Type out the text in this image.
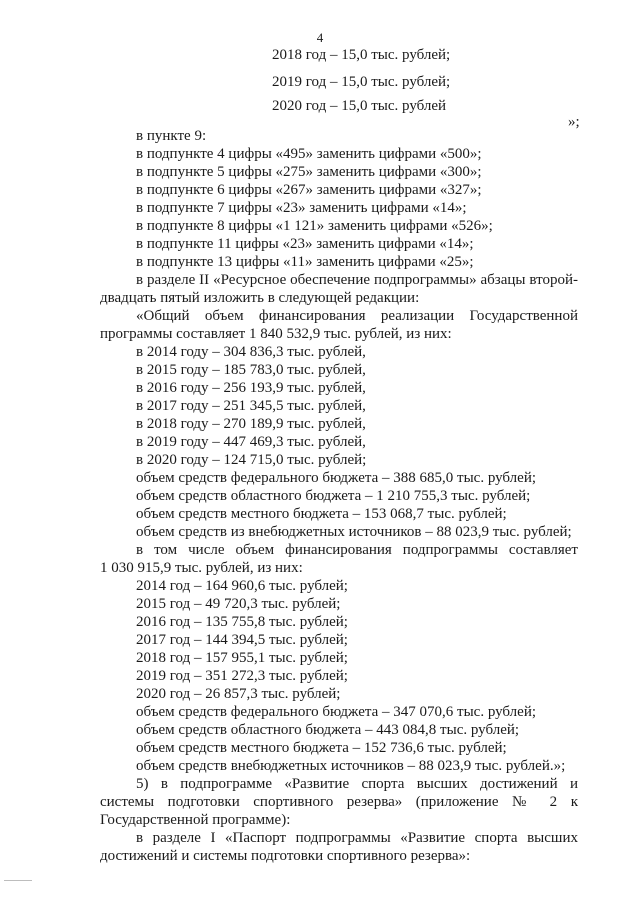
4
2018 год – 15,0 тыс. рублей;
2019 год – 15,0 тыс. рублей;
2020 год – 15,0 тыс. рублей
»;
в пункте 9:
в подпункте 4 цифры «495» заменить цифрами «500»;
в подпункте 5 цифры «275» заменить цифрами «300»;
в подпункте 6 цифры «267» заменить цифрами «327»;
в подпункте 7 цифры «23» заменить цифрами «14»;
в подпункте 8 цифры «1 121» заменить цифрами «526»;
в подпункте 11 цифры «23» заменить цифрами «14»;
в подпункте 13 цифры «11» заменить цифрами «25»;
в разделе II «Ресурсное обеспечение подпрограммы» абзацы второй-
двадцать пятый изложить в следующей редакции:
«Общий объем финансирования реализации Государственной
программы составляет 1 840 532,9 тыс. рублей, из них:
в 2014 году – 304 836,3 тыс. рублей,
в 2015 году – 185 783,0 тыс. рублей,
в 2016 году – 256 193,9 тыс. рублей,
в 2017 году – 251 345,5 тыс. рублей,
в 2018 году – 270 189,9 тыс. рублей,
в 2019 году – 447 469,3 тыс. рублей,
в 2020 году – 124 715,0 тыс. рублей;
объем средств федерального бюджета – 388 685,0 тыс. рублей;
объем средств областного бюджета – 1 210 755,3 тыс. рублей;
объем средств местного бюджета – 153 068,7 тыс. рублей;
объем средств из внебюджетных источников – 88 023,9 тыс. рублей;
в том числе объем финансирования подпрограммы составляет
1 030 915,9 тыс. рублей, из них:
2014 год – 164 960,6 тыс. рублей;
2015 год – 49 720,3 тыс. рублей;
2016 год – 135 755,8 тыс. рублей;
2017 год – 144 394,5 тыс. рублей;
2018 год – 157 955,1 тыс. рублей;
2019 год – 351 272,3 тыс. рублей;
2020 год – 26 857,3 тыс. рублей;
объем средств федерального бюджета – 347 070,6 тыс. рублей;
объем средств областного бюджета – 443 084,8 тыс. рублей;
объем средств местного бюджета – 152 736,6 тыс. рублей;
объем средств внебюджетных источников – 88 023,9 тыс. рублей.»;
5) в подпрограмме «Развитие спорта высших достижений и
системы подготовки спортивного резерва» (приложение № 2 к
Государственной программе):
в разделе I «Паспорт подпрограммы «Развитие спорта высших
достижений и системы подготовки спортивного резерва»:
